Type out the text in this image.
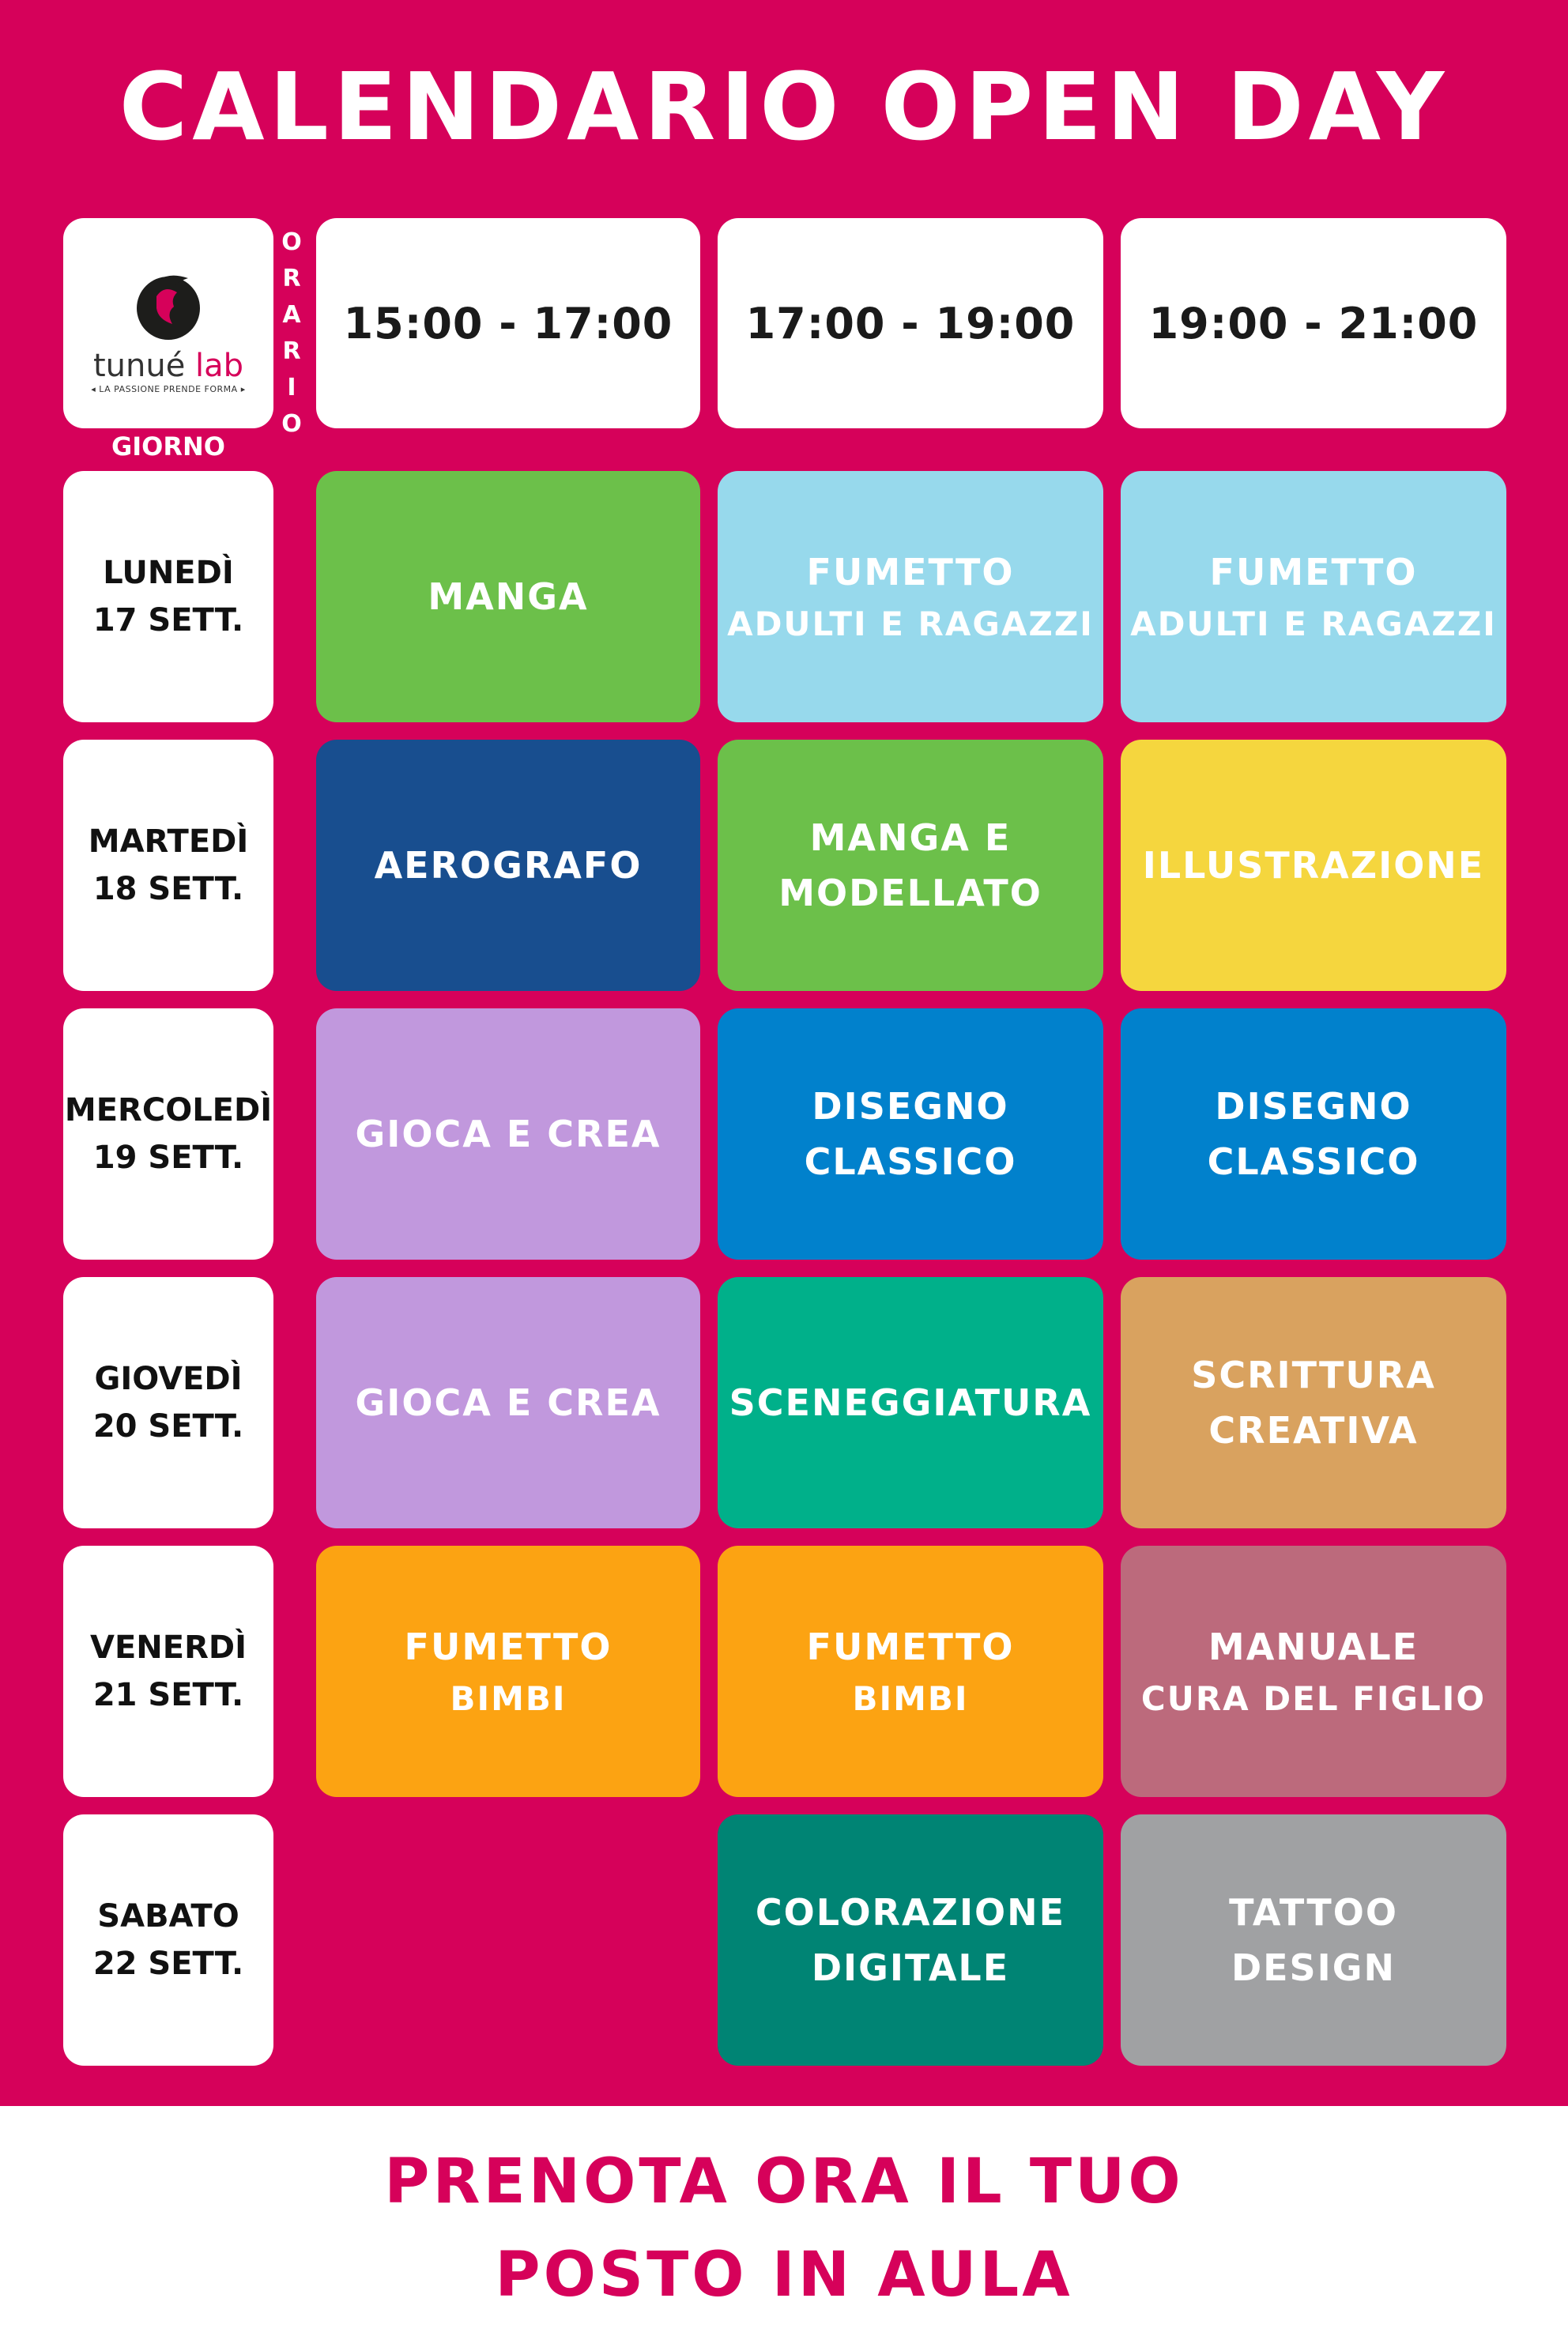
CALENDARIO OPEN DAY
tunué lab
◂ LA PASSIONE PRENDE FORMA ▸
O
R
A
R
I
O
GIORNO
15:00 - 17:00 17:00 - 19:00 19:00 - 21:00
LUNEDÌ
17 SETT.
MARTEDÌ
18 SETT.
MERCOLEDÌ
19 SETT.
GIOVEDÌ
20 SETT.
VENERDÌ
21 SETT.
SABATO
22 SETT.
MANGA
FUMETTO
ADULTI E RAGAZZI
FUMETTO
ADULTI E RAGAZZI
AEROGRAFO
MANGA E
MODELLATO
ILLUSTRAZIONE
GIOCA E CREA
DISEGNO
CLASSICO
DISEGNO
CLASSICO
GIOCA E CREA SCENEGGIATURA
SCRITTURA
CREATIVA
FUMETTO
BIMBI
FUMETTO
BIMBI
MANUALE
CURA DEL FIGLIO
COLORAZIONE
DIGITALE
TATTOO
DESIGN
PRENOTA ORA IL TUO
POSTO IN AULA
